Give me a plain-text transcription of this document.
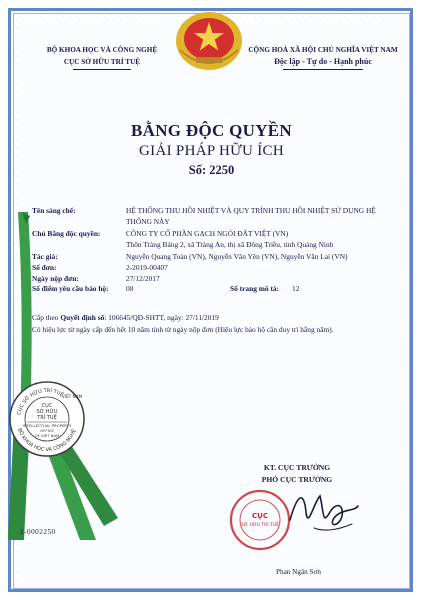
BỘ KHOA HỌC VÀ CÔNG NGHỆ
CỤC SỞ HỮU TRÍ TUỆ
CỘNG HOÀ XÃ HỘI CHỦ NGHĨA VIỆT NAM
Độc lập - Tự do - Hạnh phúc
BẰNG ĐỘC QUYỀN
GIẢI PHÁP HỮU ÍCH
Số: 2250
CỤC SỞ HỮU TRÍ TUỆ
BỘ KHOA HỌC VÀ CÔNG NGHỆ
CỤC
SỞ HỮU
TRÍ TUỆ
INTELLECTUAL PROPERTY
OFFICE
OF VIET NAM
VIỆT NAM
Tên sáng chế:	HỆ THỐNG THU HỒI NHIỆT VÀ QUY TRÌNH THU HỒI NHIỆT SỬ DỤNG HỆ THỐNG NÀY
Chủ Bằng độc quyền:	CÔNG TY CỔ PHẦN GẠCH NGÓI ĐẤT VIỆT (VN)
Thôn Tràng Bảng 2, xã Tràng An, thị xã Đông Triều, tỉnh Quảng Ninh
Tác giả:	Nguyễn Quang Toàn (VN), Nguyễn Văn Yên (VN), Nguyễn Văn Lai (VN)
Số đơn:	2-2019-00407
Ngày nộp đơn:	27/12/2017
Số điểm yêu cầu bảo hộ:	08	Số trang mô tả:	12
Cấp theo Quyết định số: 106645/QĐ-SHTT, ngày: 27/11/2019
Có hiệu lực từ ngày cấp đến hết 10 năm tính từ ngày nộp đơn (Hiệu lực bảo hộ cần duy trì hằng năm).
KT. CỤC TRƯỞNG
PHÓ CỤC TRƯỞNG
CỤC
SỞ HỮU TRÍ TUỆ
Phan Ngân Sơn
2-0002250
